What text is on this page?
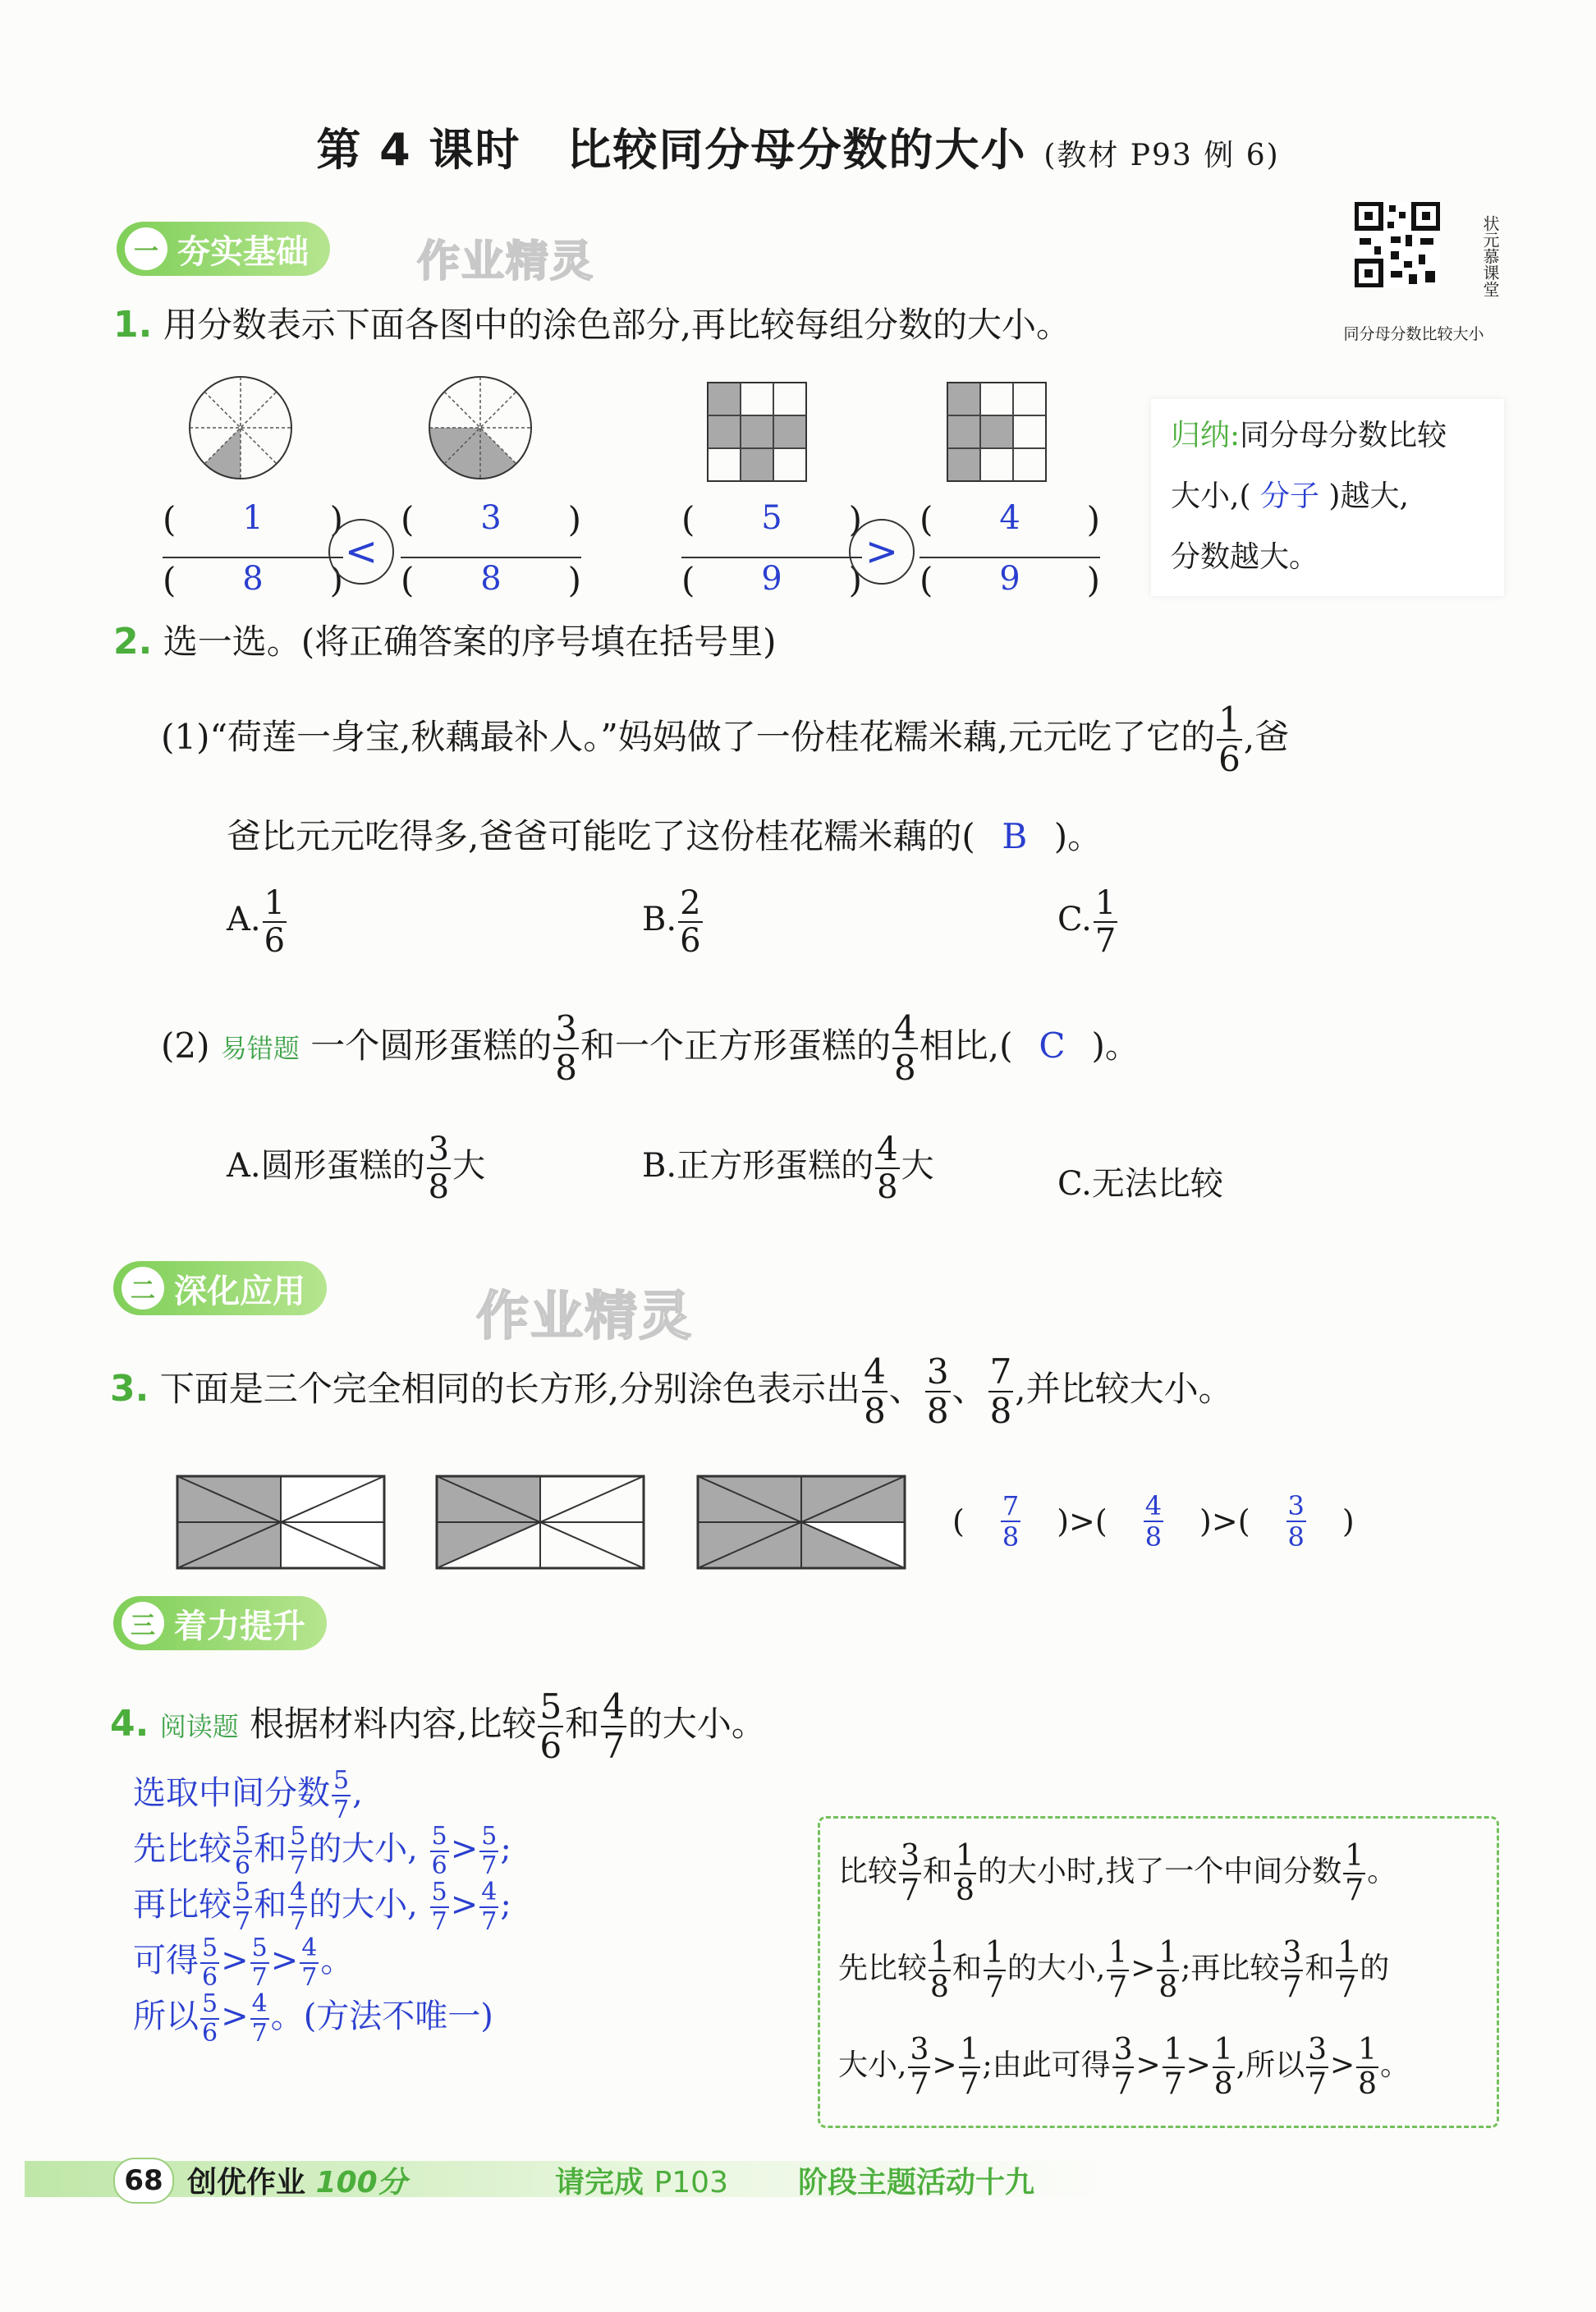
第 4 课时　比较同分母分数的大小 (教材 P93 例 6)
状元慕课堂
同分母分数比较大小
一 夯实基础	作业精灵
1. 用分数表示下面各图中的涂色部分,再比较每组分数的大小。
( 1 )
( 8 )
<
( 3 )
( 8 )
( 5 )
( 9 )
>
( 4 )
( 9 )
归纳:同分母分数比较
大小,( 分子 )越大,
分数越大。
2. 选一选。(将正确答案的序号填在括号里)
(1)“荷莲一身宝,秋藕最补人。”妈妈做了一份桂花糯米藕,元元吃了它的 $\frac{1}{6}$ ,爸
爸比元元吃得多,爸爸可能吃了这份桂花糯米藕的( B )。
A. $\frac{1}{6}$	B. $\frac{2}{6}$	C. $\frac{1}{7}$
(2) 易错题 一个圆形蛋糕的 $\frac{3}{8}$ 和一个正方形蛋糕的 $\frac{4}{8}$ 相比,( C )。
A.圆形蛋糕的 $\frac{3}{8}$ 大	B.正方形蛋糕的 $\frac{4}{8}$ 大	C.无法比较
二 深化应用	作业精灵
3. 下面是三个完全相同的长方形,分别涂色表示出 $\frac{4}{8}$ 、 $\frac{3}{8}$ 、 $\frac{7}{8}$ ,并比较大小。
( $\frac{7}{8}$ )>( $\frac{4}{8}$ )>( $\frac{3}{8}$ )
三 着力提升
4. 阅读题 根据材料内容,比较 $\frac{5}{6}$ 和 $\frac{4}{7}$ 的大小。
选取中间分数 $\frac{5}{7}$ ,
先比较 $\frac{5}{6}$ 和 $\frac{5}{7}$ 的大小, $\frac{5}{6} > \frac{5}{7}$ ;
再比较 $\frac{5}{7}$ 和 $\frac{4}{7}$ 的大小, $\frac{5}{7} > \frac{4}{7}$ ;
可得 $\frac{5}{6} > \frac{5}{7} > \frac{4}{7}$ 。
所以 $\frac{5}{6} > \frac{4}{7}$ 。(方法不唯一)
比较 $\frac{3}{7}$ 和 $\frac{1}{8}$ 的大小时,找了一个中间分数 $\frac{1}{7}$ 。
先比较 $\frac{1}{8}$ 和 $\frac{1}{7}$ 的大小, $\frac{1}{7} > \frac{1}{8}$ ;再比较 $\frac{3}{7}$ 和 $\frac{1}{7}$ 的
大小, $\frac{3}{7} > \frac{1}{7}$ ;由此可得 $\frac{3}{7} > \frac{1}{7} > \frac{1}{8}$ ,所以 $\frac{3}{7} > \frac{1}{8}$ 。
68 创优作业 100分	请完成 P103 阶段主题活动十九
